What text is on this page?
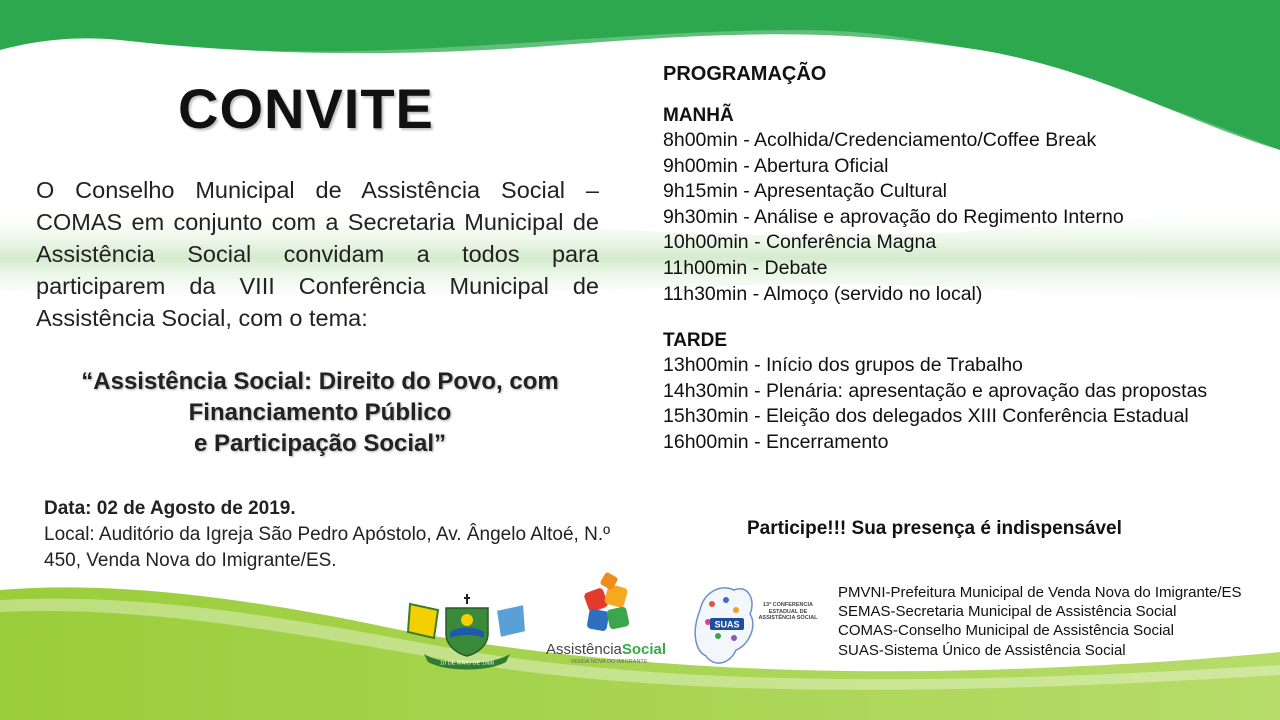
CONVITE
O Conselho Municipal de Assistência Social – COMAS em conjunto com a Secretaria Municipal de Assistência Social convidam a todos para participarem da VIII Conferência Municipal de Assistência Social, com o tema:
“Assistência Social: Direito do Povo, com
Financiamento Público
e Participação Social”
Data: 02 de Agosto de 2019.
Local: Auditório da Igreja São Pedro Apóstolo, Av. Ângelo Altoé, N.º 450, Venda Nova do Imigrante/ES.
PROGRAMAÇÃO
MANHÃ
8h00min - Acolhida/Credenciamento/Coffee Break
9h00min - Abertura Oficial
9h15min - Apresentação Cultural
9h30min - Análise e aprovação do Regimento Interno
10h00min - Conferência Magna
11h00min - Debate
11h30min - Almoço (servido no local)
TARDE
13h00min - Início dos grupos de Trabalho
14h30min - Plenária: apresentação e aprovação das propostas
15h30min - Eleição dos delegados XIII Conferência Estadual
16h00min - Encerramento
Participe!!! Sua presença é indispensável
10 DE MAIO DE 1988
AssistênciaSocial
VENDA NOVA DO IMIGRANTE
SUAS
13ª CONFERÊNCIA ESTADUAL DE ASSISTÊNCIA SOCIAL
PMVNI-Prefeitura Municipal de Venda Nova do Imigrante/ES
SEMAS-Secretaria Municipal de Assistência Social
COMAS-Conselho Municipal de Assistência Social
SUAS-Sistema Único de Assistência Social
